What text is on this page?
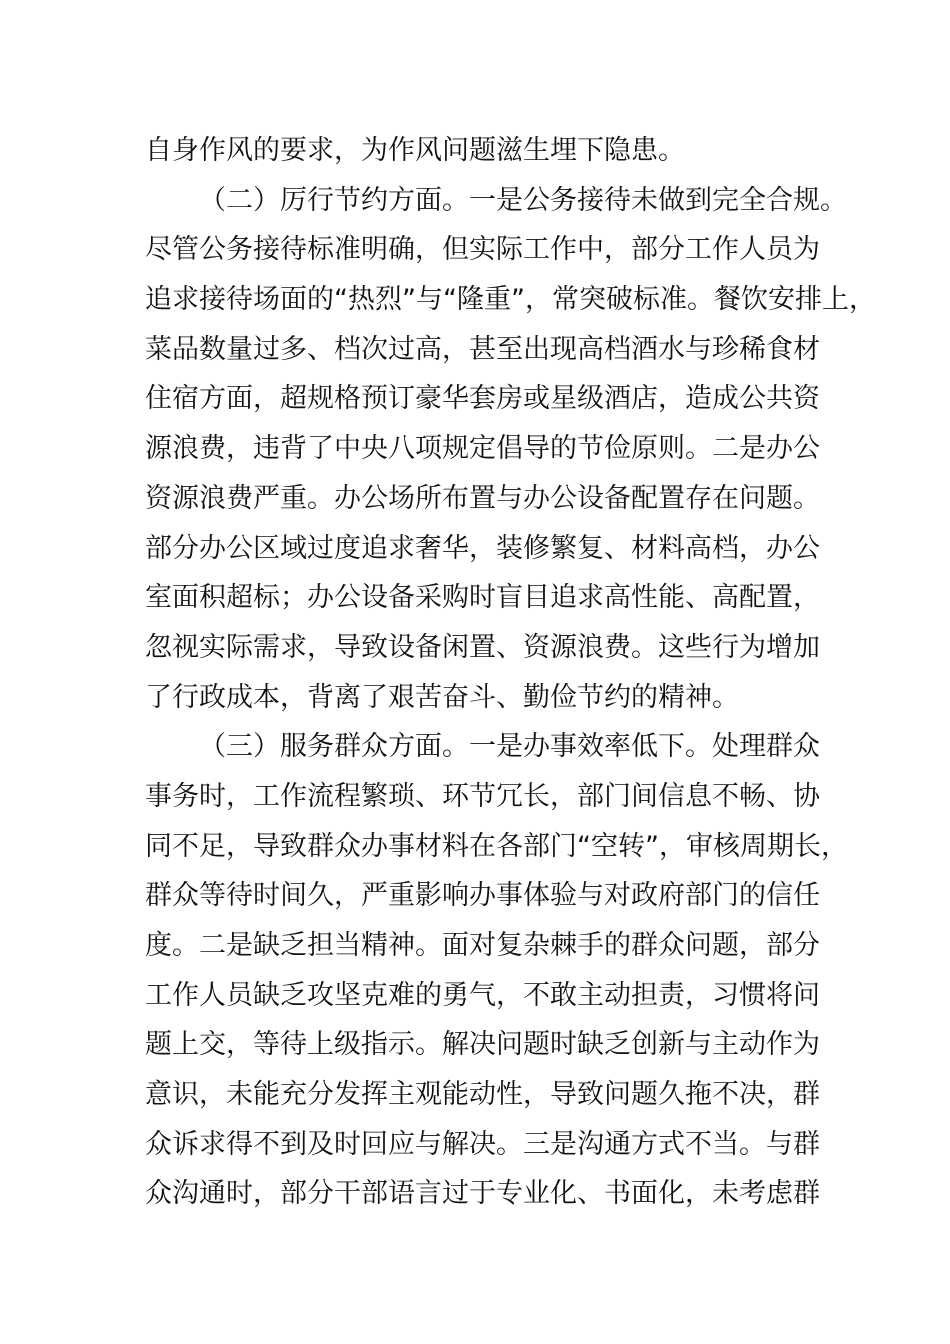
自身作风的要求，为作风问题滋生埋下隐患。
（二）厉行节约方面。一是公务接待未做到完全合规。
尽管公务接待标准明确，但实际工作中，部分工作人员为
追求接待场面的“热烈”与“隆重”，常突破标准。餐饮安排上，
菜品数量过多、档次过高，甚至出现高档酒水与珍稀食材
住宿方面，超规格预订豪华套房或星级酒店，造成公共资
源浪费，违背了中央八项规定倡导的节俭原则。二是办公
资源浪费严重。办公场所布置与办公设备配置存在问题。
部分办公区域过度追求奢华，装修繁复、材料高档，办公
室面积超标；办公设备采购时盲目追求高性能、高配置，
忽视实际需求，导致设备闲置、资源浪费。这些行为增加
了行政成本，背离了艰苦奋斗、勤俭节约的精神。
（三）服务群众方面。一是办事效率低下。处理群众
事务时，工作流程繁琐、环节冗长，部门间信息不畅、协
同不足，导致群众办事材料在各部门“空转”，审核周期长，
群众等待时间久，严重影响办事体验与对政府部门的信任
度。二是缺乏担当精神。面对复杂棘手的群众问题，部分
工作人员缺乏攻坚克难的勇气，不敢主动担责，习惯将问
题上交，等待上级指示。解决问题时缺乏创新与主动作为
意识，未能充分发挥主观能动性，导致问题久拖不决，群
众诉求得不到及时回应与解决。三是沟通方式不当。与群
众沟通时，部分干部语言过于专业化、书面化，未考虑群
